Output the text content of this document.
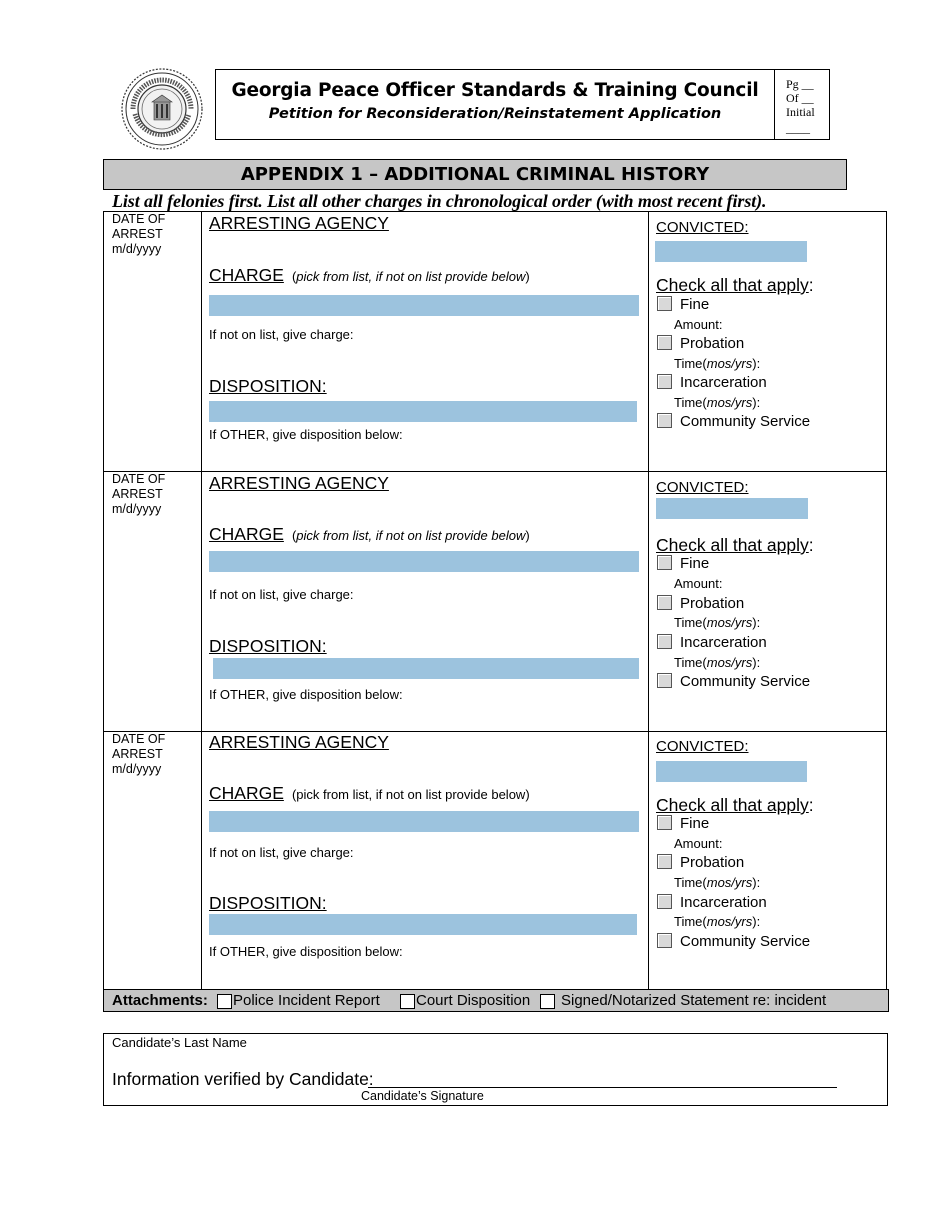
Georgia Peace Officer Standards & Training Council
Petition for Reconsideration/Reinstatement Application
Pg __
Of __
Initial
____
APPENDIX 1 – ADDITIONAL CRIMINAL HISTORY
List all felonies first. List all other charges in chronological order (with most recent first).
DATE OF
ARREST
m/d/yyyy
ARRESTING AGENCY
CHARGE (pick from list, if not on list provide below)
If not on list, give charge:
DISPOSITION:
If OTHER, give disposition below:
CONVICTED:
Check all that apply:
Fine
Amount:
Probation
Time(mos/yrs):
Incarceration
Time(mos/yrs):
Community Service
DATE OF
ARREST
m/d/yyyy
ARRESTING AGENCY
CHARGE (pick from list, if not on list provide below)
If not on list, give charge:
DISPOSITION:
If OTHER, give disposition below:
CONVICTED:
Check all that apply:
Fine
Amount:
Probation
Time(mos/yrs):
Incarceration
Time(mos/yrs):
Community Service
DATE OF
ARREST
m/d/yyyy
ARRESTING AGENCY
CHARGE (pick from list, if not on list provide below)
If not on list, give charge:
DISPOSITION:
If OTHER, give disposition below:
CONVICTED:
Check all that apply:
Fine
Amount:
Probation
Time(mos/yrs):
Incarceration
Time(mos/yrs):
Community Service
Attachments: Police Incident Report Court Disposition Signed/Notarized Statement re: incident
Candidate’s Last Name
Information verified by Candidate:
Candidate’s Signature
